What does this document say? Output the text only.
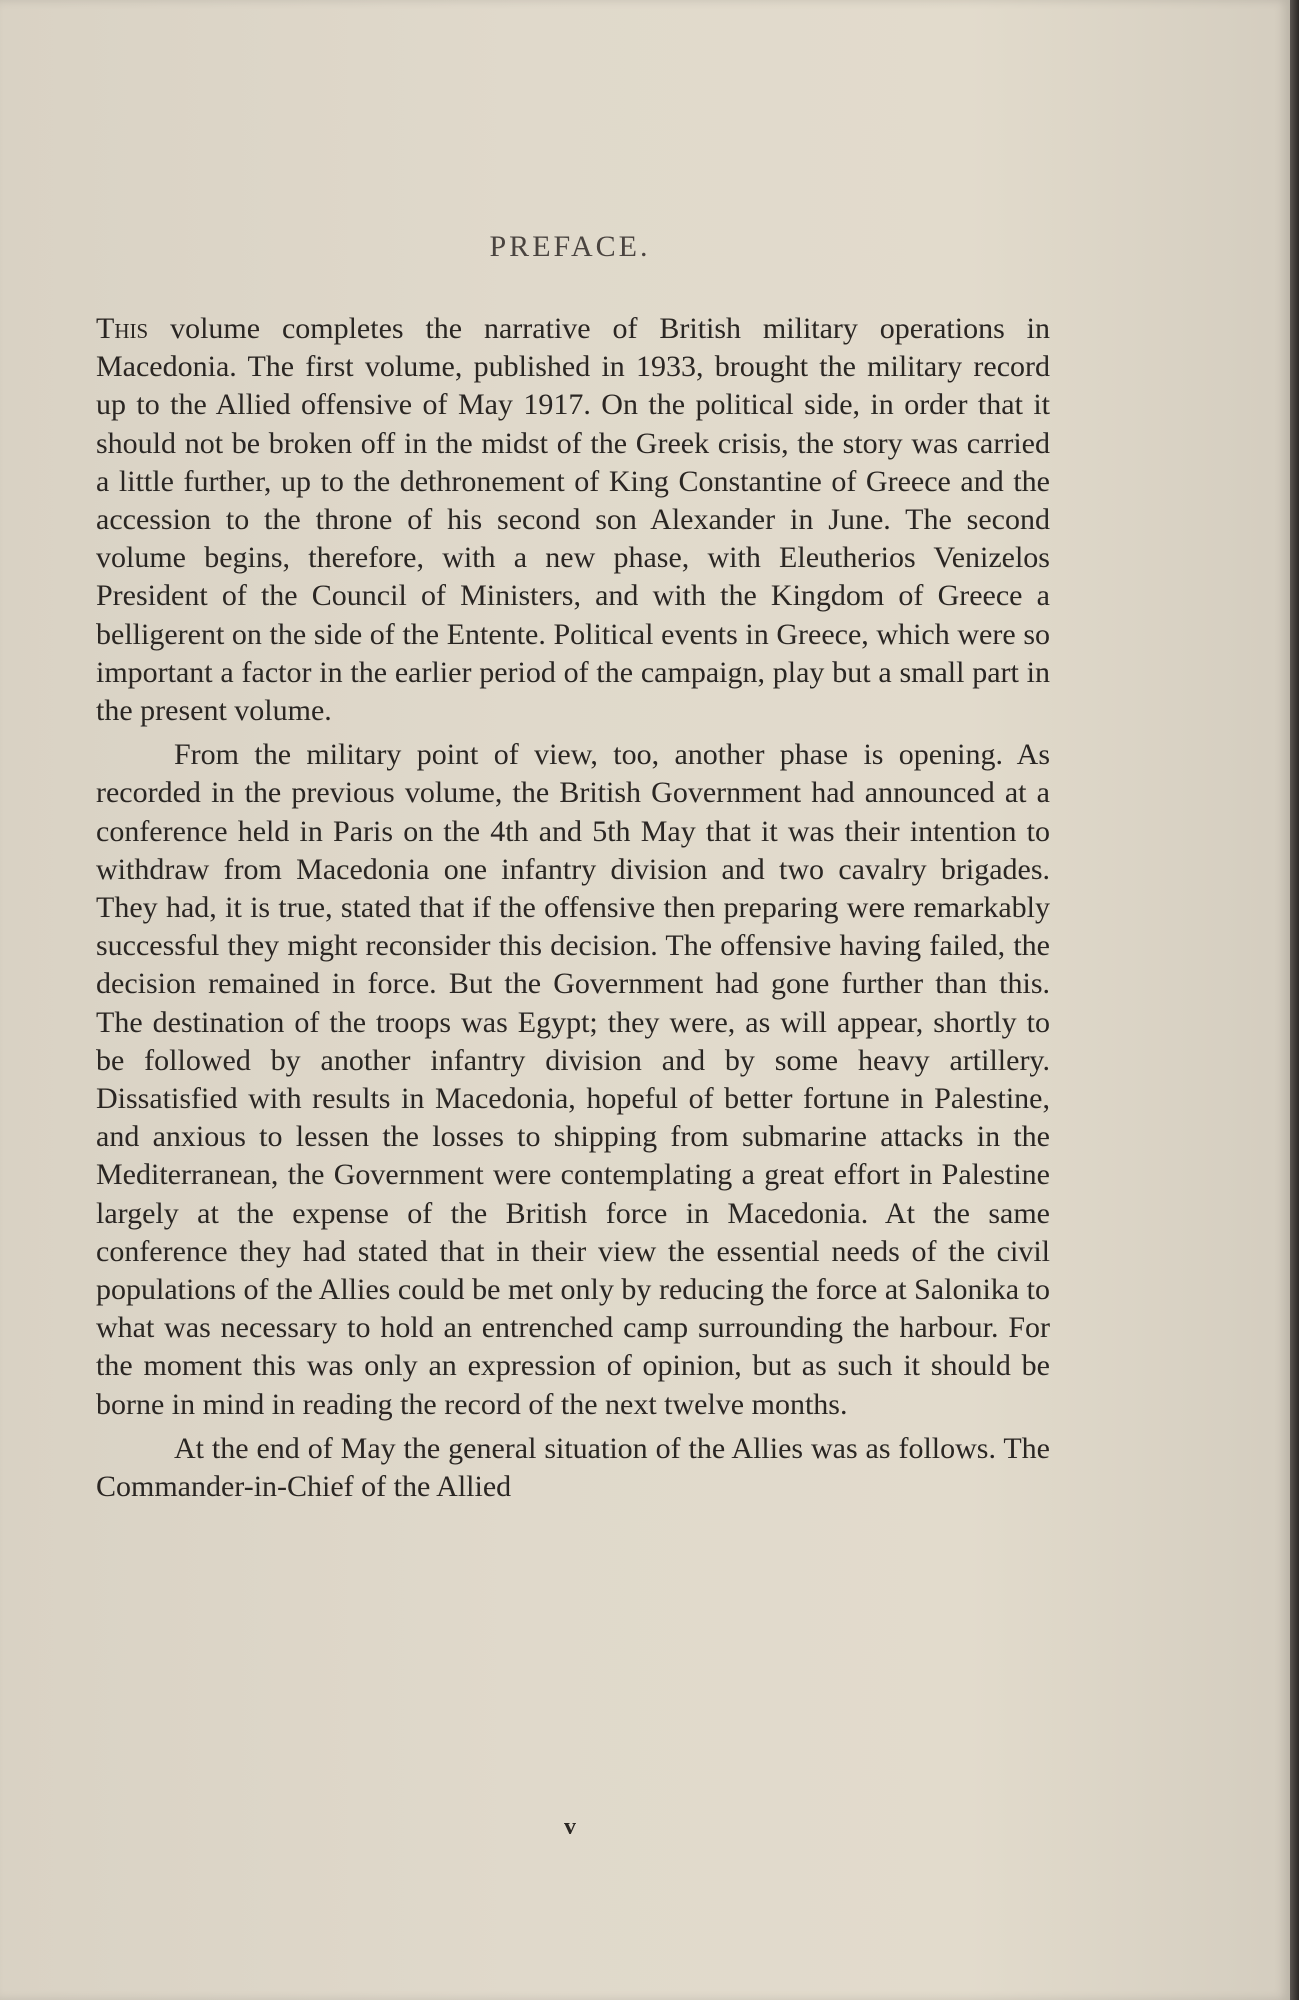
PREFACE.

This volume completes the narrative of British military operations in Macedonia. The first volume, published in 1933, brought the military record up to the Allied offensive of May 1917. On the political side, in order that it should not be broken off in the midst of the Greek crisis, the story was carried a little further, up to the dethronement of King Constantine of Greece and the accession to the throne of his second son Alexander in June. The second volume begins, therefore, with a new phase, with Eleutherios Venizelos President of the Council of Ministers, and with the Kingdom of Greece a belligerent on the side of the Entente. Political events in Greece, which were so important a factor in the earlier period of the campaign, play but a small part in the present volume.

From the military point of view, too, another phase is opening. As recorded in the previous volume, the British Government had announced at a conference held in Paris on the 4th and 5th May that it was their intention to withdraw from Macedonia one infantry division and two cavalry brigades. They had, it is true, stated that if the offensive then preparing were remarkably successful they might reconsider this decision. The offensive having failed, the decision remained in force. But the Government had gone further than this. The destination of the troops was Egypt; they were, as will appear, shortly to be followed by another infantry division and by some heavy artillery. Dissatisfied with results in Macedonia, hopeful of better fortune in Palestine, and anxious to lessen the losses to shipping from submarine attacks in the Mediterranean, the Government were contemplating a great effort in Palestine largely at the expense of the British force in Macedonia. At the same conference they had stated that in their view the essential needs of the civil populations of the Allies could be met only by reducing the force at Salonika to what was necessary to hold an entrenched camp surrounding the harbour. For the moment this was only an expression of opinion, but as such it should be borne in mind in reading the record of the next twelve months.

At the end of May the general situation of the Allies was as follows. The Commander-in-Chief of the Allied

v
